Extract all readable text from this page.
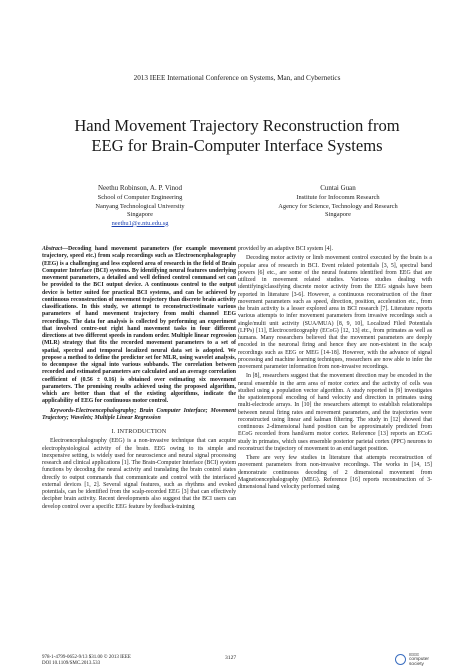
2013 IEEE International Conference on Systems, Man, and Cybernetics
Hand Movement Trajectory Reconstruction from
EEG for Brain-Computer Interface Systems
Neethu Robinson, A. P. Vinod
School of Computer Engineering
Nanyang Technological University
Singapore
neethu1@e.ntu.edu.sg
Cuntai Guan
Institute for Infocomm Research
Agency for Science, Technology and Research
Singapore

Abstract—Decoding hand movement parameters (for example movement trajectory, speed etc.) from scalp recordings such as Electroencephalography (EEG) is a challenging and less explored area of research in the field of Brain Computer Interface (BCI) systems. By identifying neural features underlying movement parameters, a detailed and well defined control command set can be provided to the BCI output device. A continuous control to the output device is better suited for practical BCI systems, and can be achieved by continuous reconstruction of movement trajectory than discrete brain activity classifications. In this study, we attempt to reconstruct/estimate various parameters of hand movement trajectory from multi channel EEG recordings. The data for analysis is collected by performing an experiment that involved centre-out right hand movement tasks in four different directions at two different speeds in random order. Multiple linear regression (MLR) strategy that fits the recorded movement parameters to a set of spatial, spectral and temporal localized neural data set is adopted. We propose a method to define the predictor set for MLR, using wavelet analysis, to decompose the signal into various subbands. The correlation between recorded and estimated parameters are calculated and an average correlation coefficient of (0.56 ± 0.16) is obtained over estimating six movement parameters. The promising results achieved using the proposed algorithm, which are better than that of the existing algorithms, indicate the applicability of EEG for continuous motor control.

Keywords-Electroencephalography; Brain Computer Interface; Movement Trajectory; Wavelets; Multiple Linear Regression

I. INTRODUCTION

Electroencephalography (EEG) is a non-invasive technique that can acquire electrophysiological activity of the brain. EEG owing to its simple and inexpensive setting, is widely used for neuroscience and neural signal processing research and clinical applications [1]. The Brain-Computer Interface (BCI) system functions by decoding the neural activity and translating the brain control states directly to output commands that communicate and control with the interfaced external devices [1, 2]. Several signal features, such as rhythms and evoked potentials, can be identified from the scalp-recorded EEG [3] that can effectively decipher brain activity. Recent developments also suggest that the BCI users can develop control over a specific EEG feature by feedback-training

provided by an adaptive BCI system [4].

Decoding motor activity or limb movement control executed by the brain is a popular area of research in BCI. Event related potentials [3, 5], spectral band powers [6] etc., are some of the neural features identified from EEG that are utilized in movement related studies. Various studies dealing with identifying/classifying discrete motor activity from the EEG signals have been reported in literature [3-6]. However, a continuous reconstruction of the finer movement parameters such as speed, direction, position, acceleration etc., from the brain activity is a lesser explored area in BCI research [7]. Literature reports various attempts to infer movement parameters from invasive recordings such a single/multi unit activity (SUA/MUA) [8, 9, 10], Localized Filed Potentials (LFPs) [11], Electrocorticography (ECoG) [12, 13] etc., from primates as well as humans. Many researchers believed that the movement parameters are deeply encoded in the neuronal firing and hence they are non-existent in the scalp recordings such as EEG or MEG [14-18]. However, with the advance of signal processing and machine learning techniques, researchers are now able to infer the movement parameter information from non-invasive recordings.

In [8], researchers suggest that the movement direction may be encoded in the neural ensemble in the arm area of motor cortex and the activity of cells was studied using a population vector algorithm. A study reported in [9] investigates the spatiotemporal encoding of hand velocity and direction in primates using multi-electrode arrays. In [10] the researchers attempt to establish relationships between neural firing rates and movement parameters, and the trajectories were reconstructed using linear and kalman filtering. The study in [12] showed that continuous 2-dimensional hand position can be approximately predicted from ECoG recorded from hand/arm motor cortex. Reference [13] reports an ECoG study in primates, which uses ensemble posterior parietal cortex (PPC) neurons to reconstruct the trajectory of movement to an end target position.

There are very few studies in literature that attempts reconstruction of movement parameters from non-invasive recordings. The works in [14, 15] demonstrate continuous decoding of 2 dimensional movement from Magnetoencephalography (MEG). Reference [16] reports reconstruction of 3- dimensional hand velocity performed using

978-1-4799-0652-9/13 $31.00 © 2013 IEEE
DOI 10.1109/SMC.2013.533
3127
IEEE
computer society
